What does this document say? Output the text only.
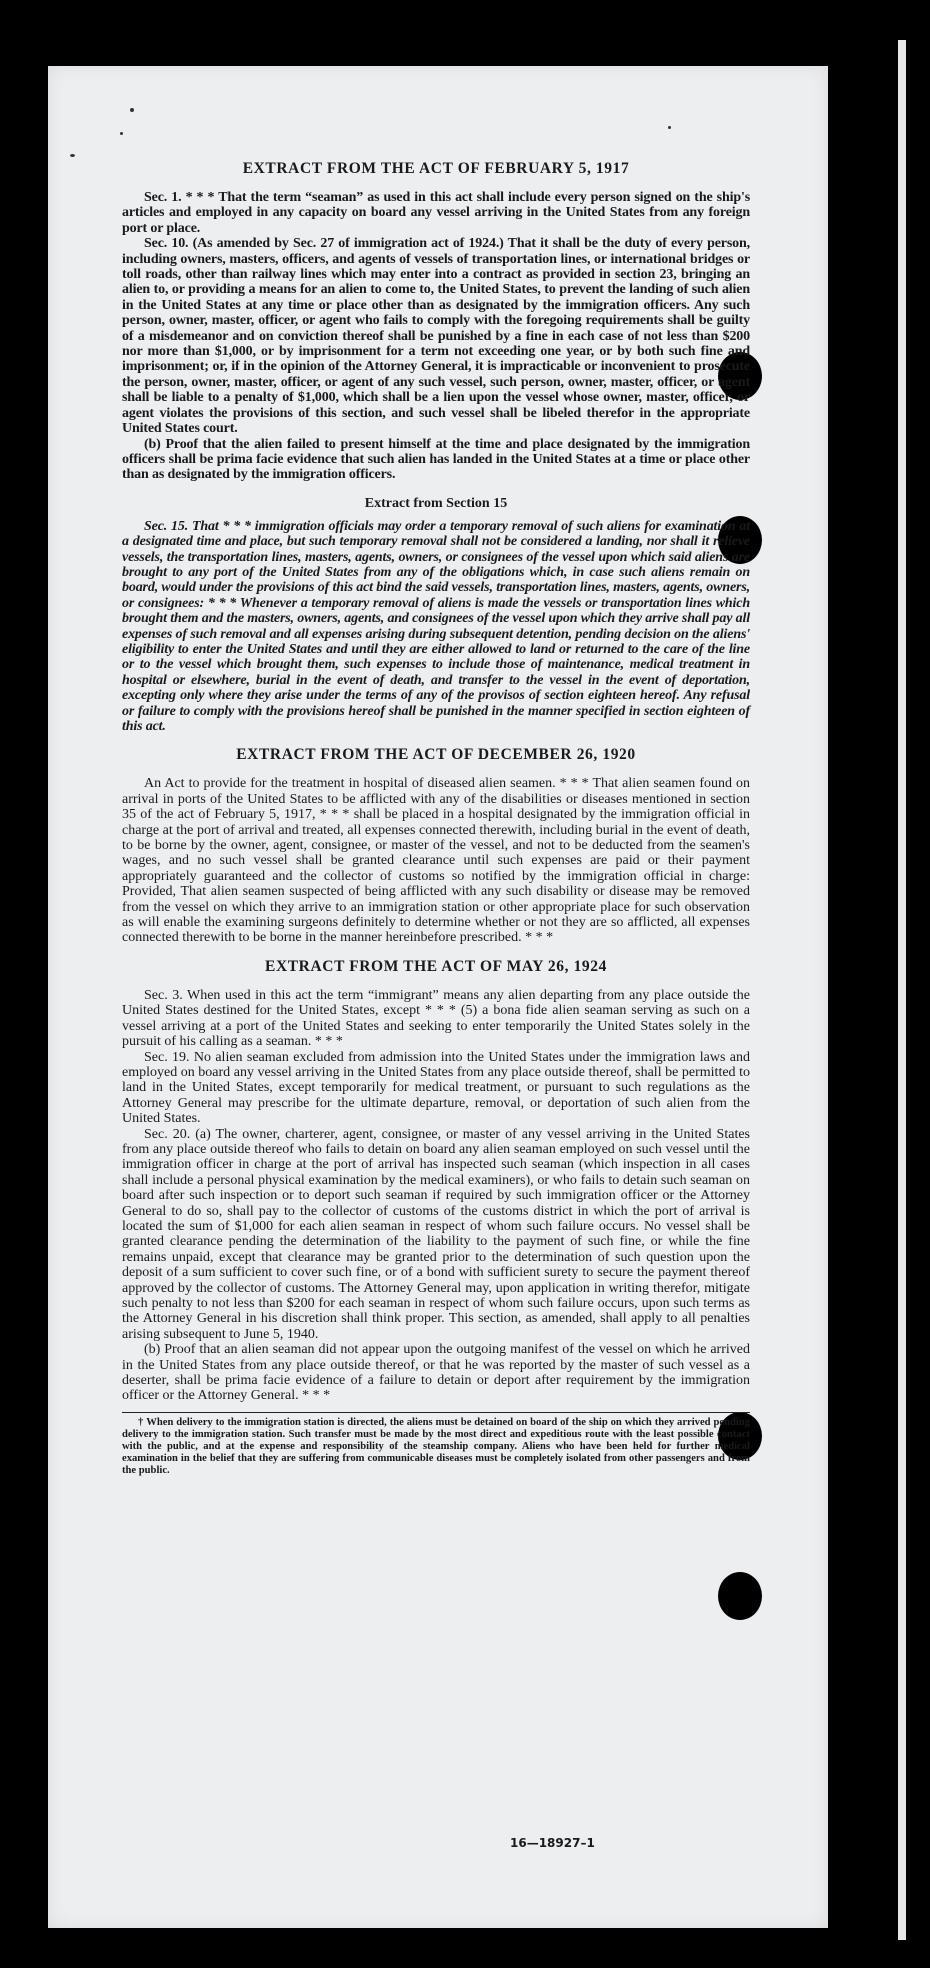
EXTRACT FROM THE ACT OF FEBRUARY 5, 1917

Sec. 1. * * * That the term “seaman” as used in this act shall include every person signed on the ship's articles and employed in any capacity on board any vessel arriving in the United States from any foreign port or place.

Sec. 10. (As amended by Sec. 27 of immigration act of 1924.) That it shall be the duty of every person, including owners, masters, officers, and agents of vessels of transportation lines, or international bridges or toll roads, other than railway lines which may enter into a contract as provided in section 23, bringing an alien to, or providing a means for an alien to come to, the United States, to prevent the landing of such alien in the United States at any time or place other than as designated by the immigration officers. Any such person, owner, master, officer, or agent who fails to comply with the foregoing requirements shall be guilty of a misdemeanor and on conviction thereof shall be punished by a fine in each case of not less than $200 nor more than $1,000, or by imprisonment for a term not exceeding one year, or by both such fine and imprisonment; or, if in the opinion of the Attorney General, it is impracticable or inconvenient to prosecute the person, owner, master, officer, or agent of any such vessel, such person, owner, master, officer, or agent shall be liable to a penalty of $1,000, which shall be a lien upon the vessel whose owner, master, officer, or agent violates the provisions of this section, and such vessel shall be libeled therefor in the appropriate United States court.

(b) Proof that the alien failed to present himself at the time and place designated by the immigration officers shall be prima facie evidence that such alien has landed in the United States at a time or place other than as designated by the immigration officers.

Extract from Section 15

Sec. 15. That * * * immigration officials may order a temporary removal of such aliens for examination at a designated time and place, but such temporary removal shall not be considered a landing, nor shall it relieve vessels, the transportation lines, masters, agents, owners, or consignees of the vessel upon which said aliens are brought to any port of the United States from any of the obligations which, in case such aliens remain on board, would under the provisions of this act bind the said vessels, transportation lines, masters, agents, owners, or consignees: * * * Whenever a temporary removal of aliens is made the vessels or transportation lines which brought them and the masters, owners, agents, and consignees of the vessel upon which they arrive shall pay all expenses of such removal and all expenses arising during subsequent detention, pending decision on the aliens' eligibility to enter the United States and until they are either allowed to land or returned to the care of the line or to the vessel which brought them, such expenses to include those of maintenance, medical treatment in hospital or elsewhere, burial in the event of death, and transfer to the vessel in the event of deportation, excepting only where they arise under the terms of any of the provisos of section eighteen hereof. Any refusal or failure to comply with the provisions hereof shall be punished in the manner specified in section eighteen of this act.

EXTRACT FROM THE ACT OF DECEMBER 26, 1920

An Act to provide for the treatment in hospital of diseased alien seamen. * * * That alien seamen found on arrival in ports of the United States to be afflicted with any of the disabilities or diseases mentioned in section 35 of the act of February 5, 1917, * * * shall be placed in a hospital designated by the immigration official in charge at the port of arrival and treated, all expenses connected therewith, including burial in the event of death, to be borne by the owner, agent, consignee, or master of the vessel, and not to be deducted from the seamen's wages, and no such vessel shall be granted clearance until such expenses are paid or their payment appropriately guaranteed and the collector of customs so notified by the immigration official in charge: Provided, That alien seamen suspected of being afflicted with any such disability or disease may be removed from the vessel on which they arrive to an immigration station or other appropriate place for such observation as will enable the examining surgeons definitely to determine whether or not they are so afflicted, all expenses connected therewith to be borne in the manner hereinbefore prescribed. * * *

EXTRACT FROM THE ACT OF MAY 26, 1924

Sec. 3. When used in this act the term “immigrant” means any alien departing from any place outside the United States destined for the United States, except * * * (5) a bona fide alien seaman serving as such on a vessel arriving at a port of the United States and seeking to enter temporarily the United States solely in the pursuit of his calling as a seaman. * * *

Sec. 19. No alien seaman excluded from admission into the United States under the immigration laws and employed on board any vessel arriving in the United States from any place outside thereof, shall be permitted to land in the United States, except temporarily for medical treatment, or pursuant to such regulations as the Attorney General may prescribe for the ultimate departure, removal, or deportation of such alien from the United States.

Sec. 20. (a) The owner, charterer, agent, consignee, or master of any vessel arriving in the United States from any place outside thereof who fails to detain on board any alien seaman employed on such vessel until the immigration officer in charge at the port of arrival has inspected such seaman (which inspection in all cases shall include a personal physical examination by the medical examiners), or who fails to detain such seaman on board after such inspection or to deport such seaman if required by such immigration officer or the Attorney General to do so, shall pay to the collector of customs of the customs district in which the port of arrival is located the sum of $1,000 for each alien seaman in respect of whom such failure occurs. No vessel shall be granted clearance pending the determination of the liability to the payment of such fine, or while the fine remains unpaid, except that clearance may be granted prior to the determination of such question upon the deposit of a sum sufficient to cover such fine, or of a bond with sufficient surety to secure the payment thereof approved by the collector of customs. The Attorney General may, upon application in writing therefor, mitigate such penalty to not less than $200 for each seaman in respect of whom such failure occurs, upon such terms as the Attorney General in his discretion shall think proper. This section, as amended, shall apply to all penalties arising subsequent to June 5, 1940.

(b) Proof that an alien seaman did not appear upon the outgoing manifest of the vessel on which he arrived in the United States from any place outside thereof, or that he was reported by the master of such vessel as a deserter, shall be prima facie evidence of a failure to detain or deport after requirement by the immigration officer or the Attorney General. * * *

† When delivery to the immigration station is directed, the aliens must be detained on board of the ship on which they arrived pending delivery to the immigration station. Such transfer must be made by the most direct and expeditious route with the least possible contact with the public, and at the expense and responsibility of the steamship company. Aliens who have been held for further medical examination in the belief that they are suffering from communicable diseases must be completely isolated from other passengers and from the public.

16—18927–1
